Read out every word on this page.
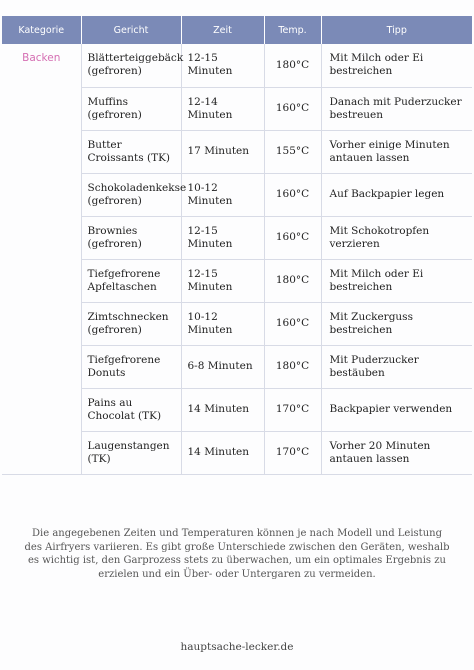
Kategorie	Gericht	Zeit	Temp.	Tipp
Backen	Blätterteiggebäck (gefroren)	12-15 Minuten	180°C	Mit Milch oder Ei bestreichen
	Muffins (gefroren)	12-14 Minuten	160°C	Danach mit Puderzucker bestreuen
	Butter Croissants (TK)	17 Minuten	155°C	Vorher einige Minuten antauen lassen
	Schokoladenkekse (gefroren)	10-12 Minuten	160°C	Auf Backpapier legen
	Brownies (gefroren)	12-15 Minuten	160°C	Mit Schokotropfen verzieren
	Tiefgefrorene Apfeltaschen	12-15 Minuten	180°C	Mit Milch oder Ei bestreichen
	Zimtschnecken (gefroren)	10-12 Minuten	160°C	Mit Zuckerguss bestreichen
	Tiefgefrorene Donuts	6-8 Minuten	180°C	Mit Puderzucker bestäuben
	Pains au Chocolat (TK)	14 Minuten	170°C	Backpapier verwenden
	Laugenstangen (TK)	14 Minuten	170°C	Vorher 20 Minuten antauen lassen
Die angegebenen Zeiten und Temperaturen können je nach Modell und Leistung des Airfryers variieren. Es gibt große Unterschiede zwischen den Geräten, weshalb es wichtig ist, den Garprozess stets zu überwachen, um ein optimales Ergebnis zu erzielen und ein Über- oder Untergaren zu vermeiden.
hauptsache-lecker.de
